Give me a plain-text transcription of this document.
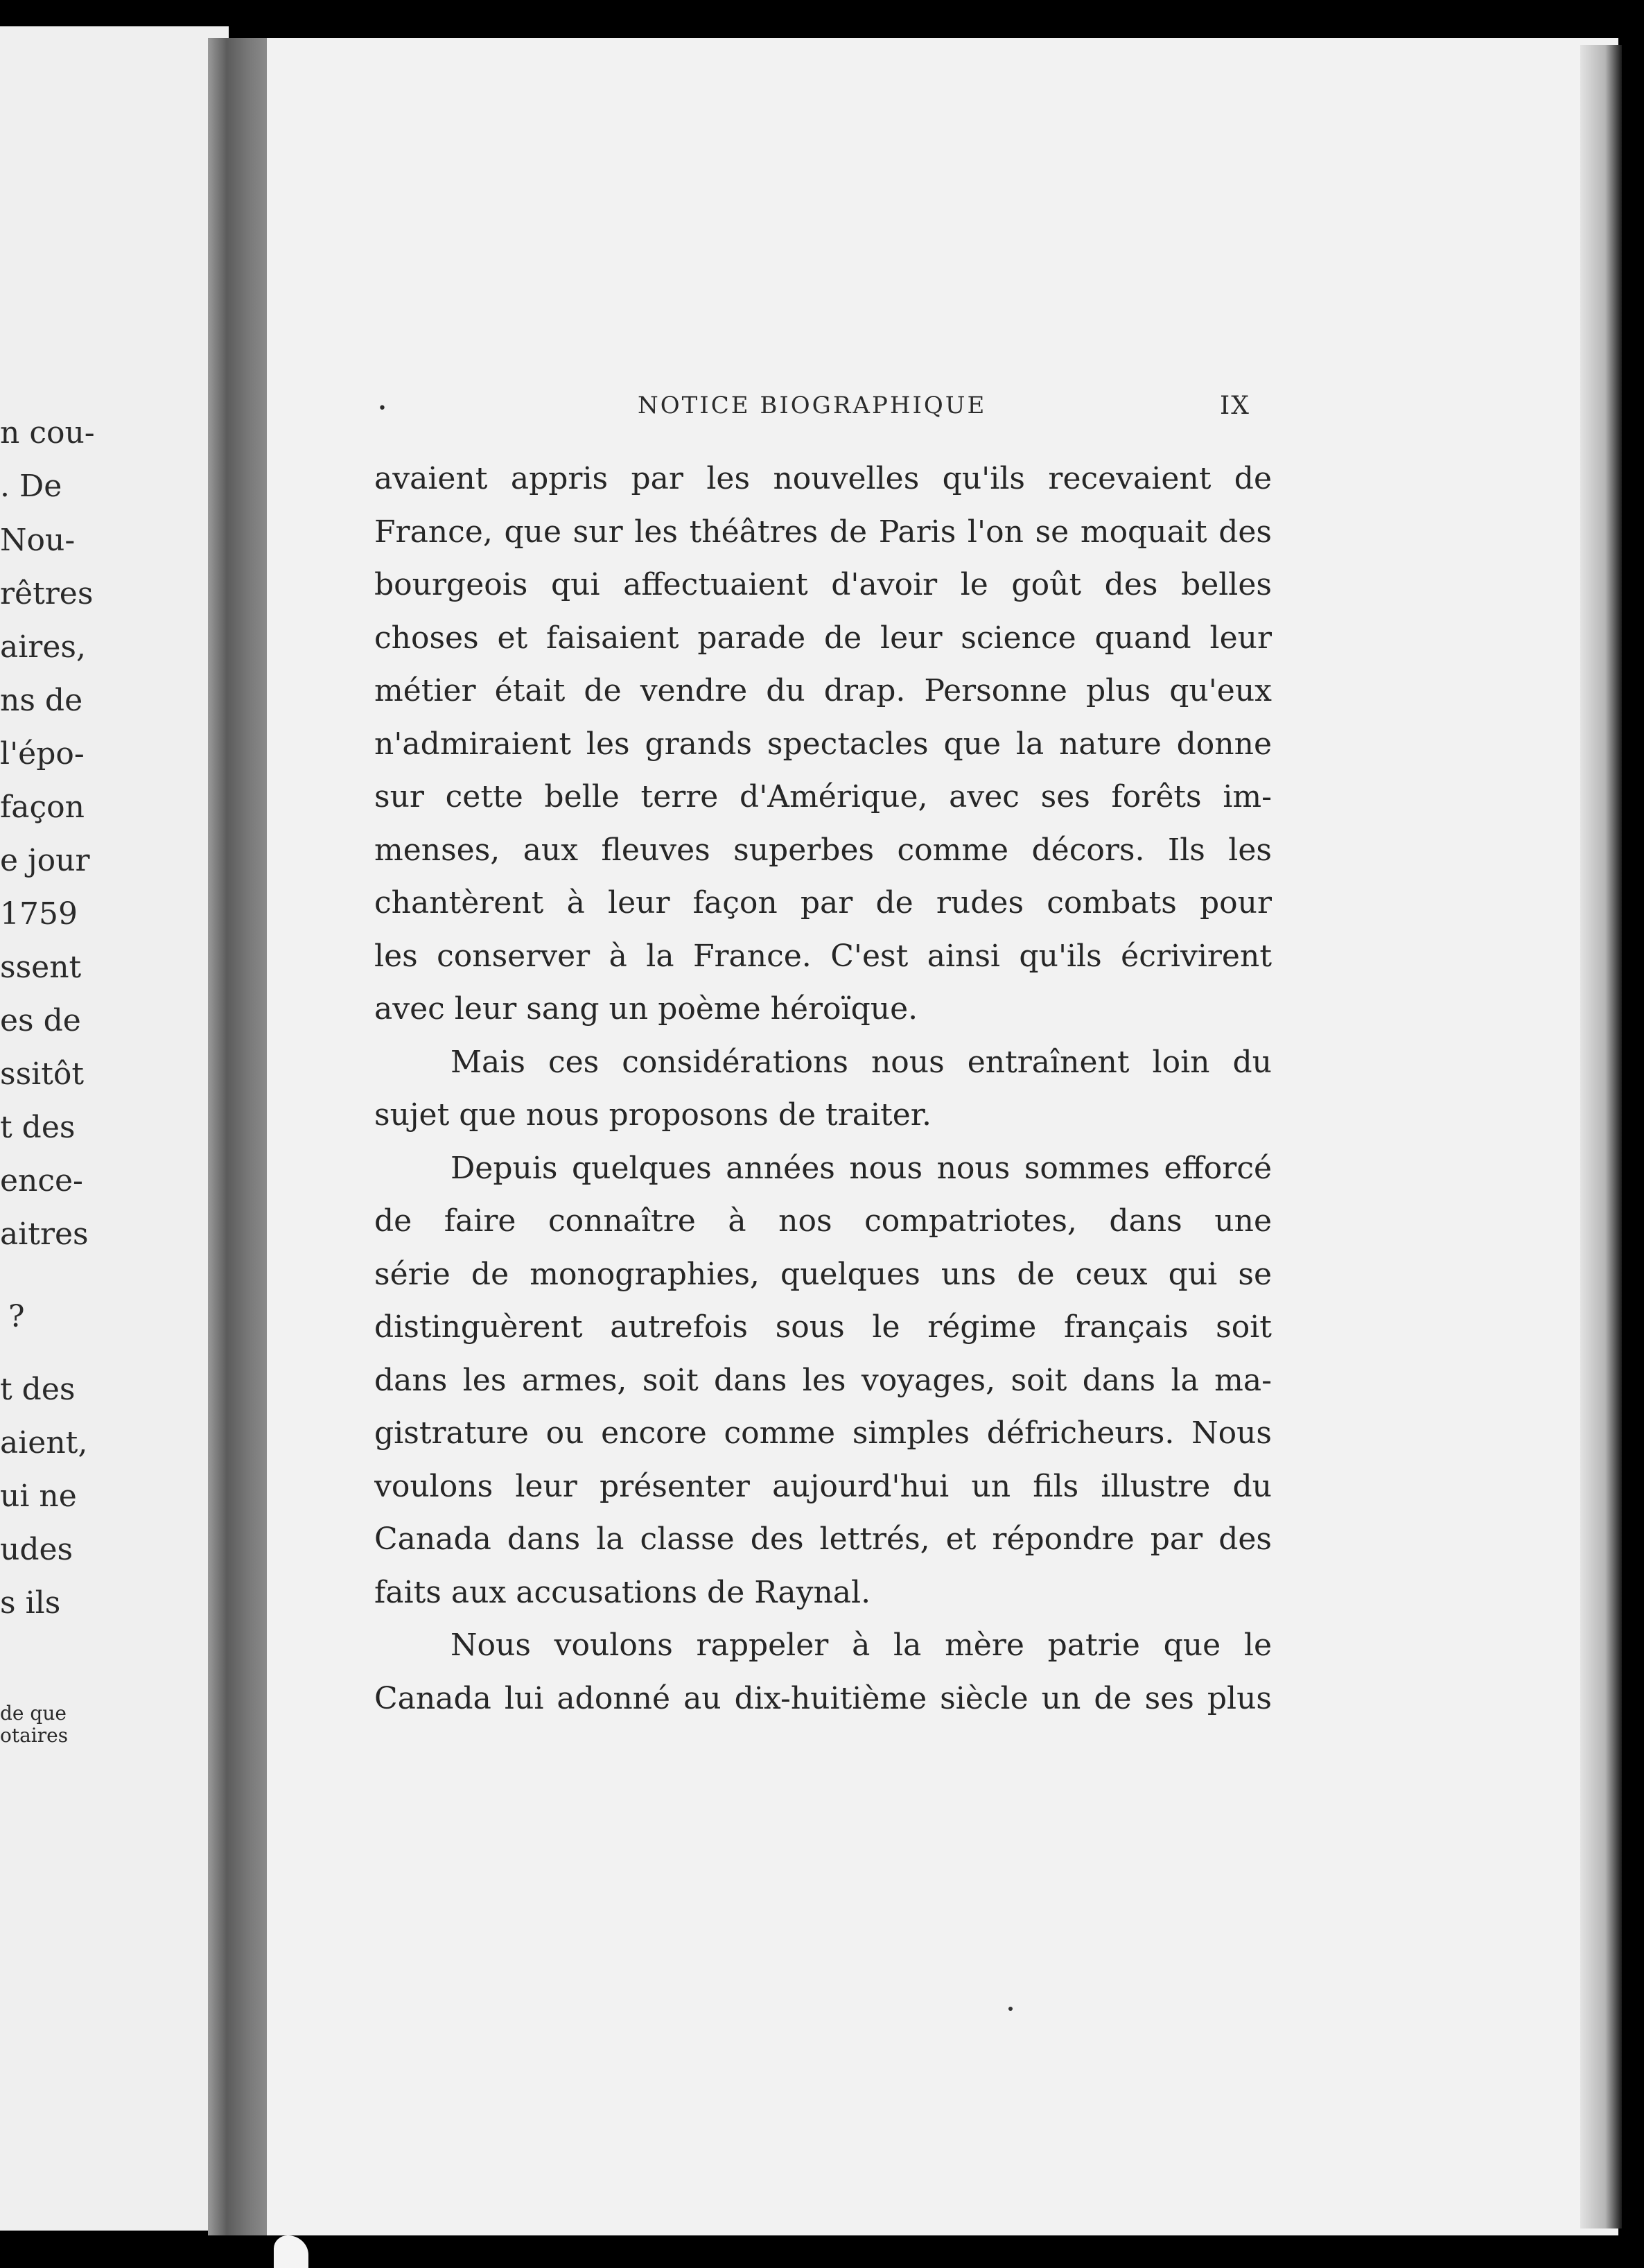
n cou-
. De
Nou-
rêtres
aires,
ns de
l'épo-
façon
e jour
1759
ssent
es de
ssitôt
t des
ence-
aitres
?
t des
aient,
ui ne
udes
s ils
de que
otaires
•	NOTICE BIOGRAPHIQUE	IX
avaient appris par les nouvelles qu'ils recevaient de
France, que sur les théâtres de Paris l'on se moquait des
bourgeois qui affectuaient d'avoir le goût des belles
choses et faisaient parade de leur science quand leur
métier était de vendre du drap. Personne plus qu'eux
n'admiraient les grands spectacles que la nature donne
sur cette belle terre d'Amérique, avec ses forêts im-
menses, aux fleuves superbes comme décors. Ils les
chantèrent à leur façon par de rudes combats pour
les conserver à la France. C'est ainsi qu'ils écrivirent
avec leur sang un poème héroïque.
Mais ces considérations nous entraînent loin du
sujet que nous proposons de traiter.
Depuis quelques années nous nous sommes efforcé
de faire connaître à nos compatriotes, dans une
série de monographies, quelques uns de ceux qui se
distinguèrent autrefois sous le régime français soit
dans les armes, soit dans les voyages, soit dans la ma-
gistrature ou encore comme simples défricheurs. Nous
voulons leur présenter aujourd'hui un fils illustre du
Canada dans la classe des lettrés, et répondre par des
faits aux accusations de Raynal.
Nous voulons rappeler à la mère patrie que le
Canada lui adonné au dix-huitième siècle un de ses plus
